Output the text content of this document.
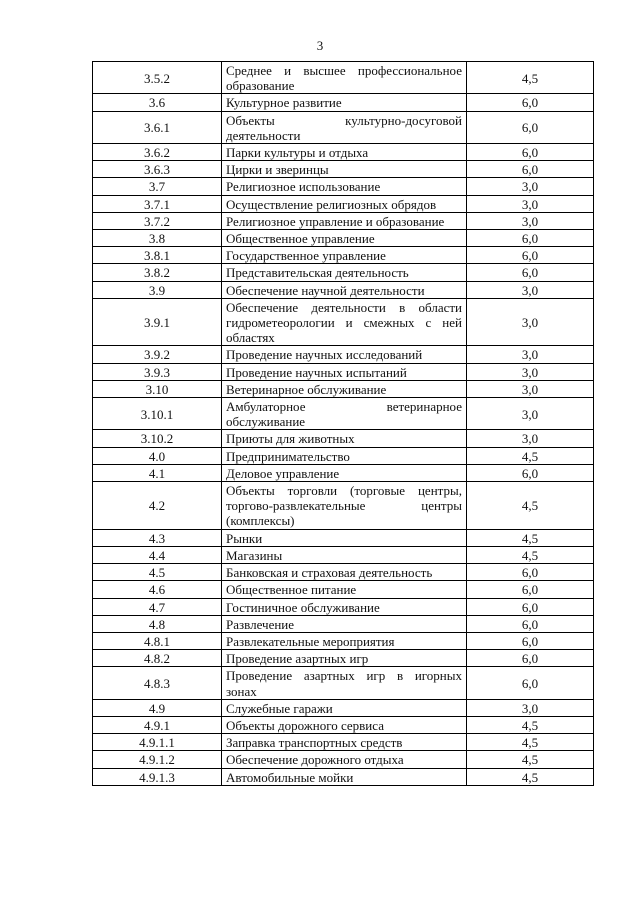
3
3.5.2	Среднее и высшее профессиональное образование	4,5
3.6	Культурное развитие	6,0
3.6.1	Объекты культурно-досуговой деятельности	6,0
3.6.2	Парки культуры и отдыха	6,0
3.6.3	Цирки и зверинцы	6,0
3.7	Религиозное использование	3,0
3.7.1	Осуществление религиозных обрядов	3,0
3.7.2	Религиозное управление и образование	3,0
3.8	Общественное управление	6,0
3.8.1	Государственное управление	6,0
3.8.2	Представительская деятельность	6,0
3.9	Обеспечение научной деятельности	3,0
3.9.1	Обеспечение деятельности в области гидрометеорологии и смежных с ней областях	3,0
3.9.2	Проведение научных исследований	3,0
3.9.3	Проведение научных испытаний	3,0
3.10	Ветеринарное обслуживание	3,0
3.10.1	Амбулаторное ветеринарное обслуживание	3,0
3.10.2	Приюты для животных	3,0
4.0	Предпринимательство	4,5
4.1	Деловое управление	6,0
4.2	Объекты торговли (торговые центры, торгово-развлекательные центры (комплексы)	4,5
4.3	Рынки	4,5
4.4	Магазины	4,5
4.5	Банковская и страховая деятельность	6,0
4.6	Общественное питание	6,0
4.7	Гостиничное обслуживание	6,0
4.8	Развлечение	6,0
4.8.1	Развлекательные мероприятия	6,0
4.8.2	Проведение азартных игр	6,0
4.8.3	Проведение азартных игр в игорных зонах	6,0
4.9	Служебные гаражи	3,0
4.9.1	Объекты дорожного сервиса	4,5
4.9.1.1	Заправка транспортных средств	4,5
4.9.1.2	Обеспечение дорожного отдыха	4,5
4.9.1.3	Автомобильные мойки	4,5
